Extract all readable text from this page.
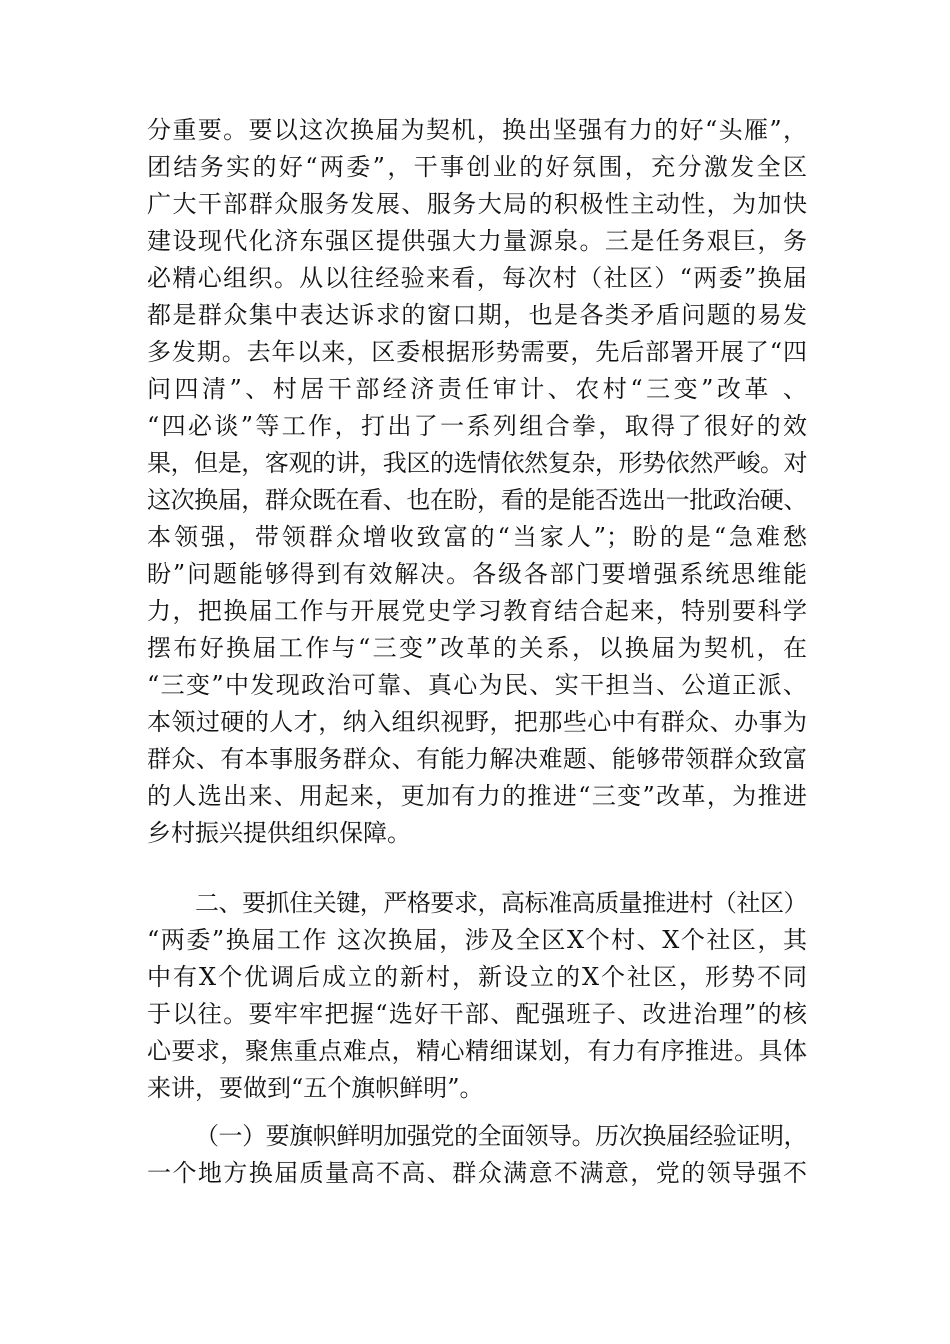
分重要。要以这次换届为契机，换出坚强有力的好“头雁”，
团结务实的好“两委”，干事创业的好氛围，充分激发全区
广大干部群众服务发展、服务大局的积极性主动性，为加快
建设现代化济东强区提供强大力量源泉。三是任务艰巨，务
必精心组织。从以往经验来看，每次村（社区）“两委”换届
都是群众集中表达诉求的窗口期，也是各类矛盾问题的易发
多发期。去年以来，区委根据形势需要，先后部署开展了“四
问四清”、村居干部经济责任审计、农村“三变”改革 、
“四必谈”等工作，打出了一系列组合拳，取得了很好的效
果，但是，客观的讲，我区的选情依然复杂，形势依然严峻。对
这次换届，群众既在看、也在盼，看的是能否选出一批政治硬、
本领强，带领群众增收致富的“当家人”；盼的是“急难愁
盼”问题能够得到有效解决。各级各部门要增强系统思维能
力，把换届工作与开展党史学习教育结合起来，特别要科学
摆布好换届工作与“三变”改革的关系，以换届为契机，在
“三变”中发现政治可靠、真心为民、实干担当、公道正派、
本领过硬的人才，纳入组织视野，把那些心中有群众、办事为
群众、有本事服务群众、有能力解决难题、能够带领群众致富
的人选出来、用起来，更加有力的推进“三变”改革，为推进
乡村振兴提供组织保障。
二、要抓住关键，严格要求，高标准高质量推进村（社区）
“两委”换届工作 这次换届，涉及全区X个村、X个社区，其
中有X个优调后成立的新村，新设立的X个社区，形势不同
于以往。要牢牢把握“选好干部、配强班子、改进治理”的核
心要求，聚焦重点难点，精心精细谋划，有力有序推进。具体
来讲，要做到“五个旗帜鲜明”。
（一）要旗帜鲜明加强党的全面领导。历次换届经验证明，
一个地方换届质量高不高、群众满意不满意，党的领导强不
